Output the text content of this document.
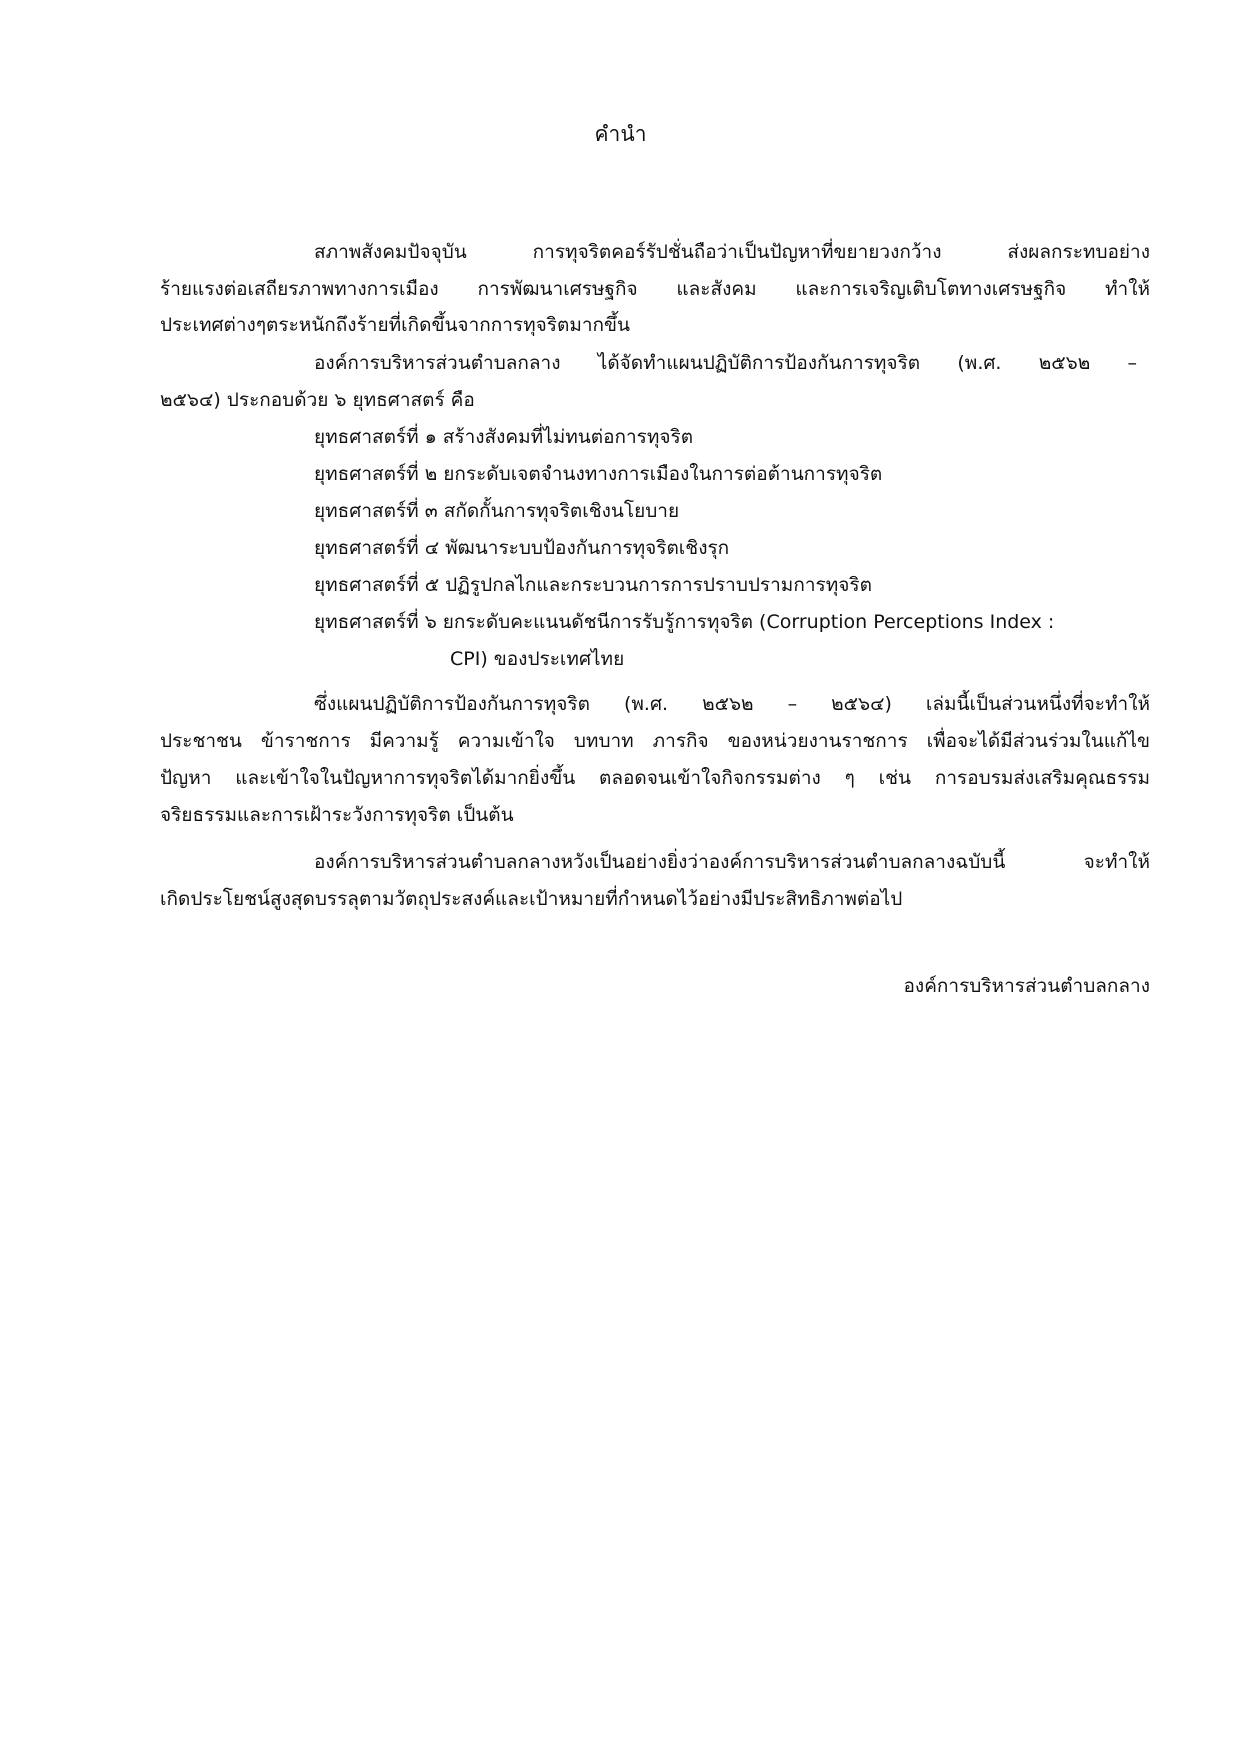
คำนำ
สภาพสังคมปัจจุบัน การทุจริตคอร์รัปชั่นถือว่าเป็นปัญหาที่ขยายวงกว้าง ส่งผลกระทบอย่าง
ร้ายแรงต่อเสถียรภาพทางการเมือง การพัฒนาเศรษฐกิจ และสังคม และการเจริญเติบโตทางเศรษฐกิจ ทำให้
ประเทศต่างๆตระหนักถึงร้ายที่เกิดขึ้นจากการทุจริตมากขึ้น
องค์การบริหารส่วนตำบลกลาง ได้จัดทำแผนปฏิบัติการป้องกันการทุจริต (พ.ศ. ๒๕๖๒ –
๒๕๖๔) ประกอบด้วย ๖ ยุทธศาสตร์ คือ
ยุทธศาสตร์ที่ ๑ สร้างสังคมที่ไม่ทนต่อการทุจริต
ยุทธศาสตร์ที่ ๒ ยกระดับเจตจำนงทางการเมืองในการต่อต้านการทุจริต
ยุทธศาสตร์ที่ ๓ สกัดกั้นการทุจริตเชิงนโยบาย
ยุทธศาสตร์ที่ ๔ พัฒนาระบบป้องกันการทุจริตเชิงรุก
ยุทธศาสตร์ที่ ๕ ปฏิรูปกลไกและกระบวนการการปราบปรามการทุจริต
ยุทธศาสตร์ที่ ๖ ยกระดับคะแนนดัชนีการรับรู้การทุจริต (Corruption Perceptions Index :
CPI) ของประเทศไทย
ซึ่งแผนปฏิบัติการป้องกันการทุจริต (พ.ศ. ๒๕๖๒ – ๒๕๖๔) เล่มนี้เป็นส่วนหนึ่งที่จะทำให้
ประชาชน ข้าราชการ มีความรู้ ความเข้าใจ บทบาท ภารกิจ ของหน่วยงานราชการ เพื่อจะได้มีส่วนร่วมในแก้ไข
ปัญหา และเข้าใจในปัญหาการทุจริตได้มากยิ่งขึ้น ตลอดจนเข้าใจกิจกรรมต่าง ๆ เช่น การอบรมส่งเสริมคุณธรรม
จริยธรรมและการเฝ้าระวังการทุจริต เป็นต้น
องค์การบริหารส่วนตำบลกลางหวังเป็นอย่างยิ่งว่าองค์การบริหารส่วนตำบลกลางฉบับนี้ จะทำให้
เกิดประโยชน์สูงสุดบรรลุตามวัตถุประสงค์และเป้าหมายที่กำหนดไว้อย่างมีประสิทธิภาพต่อไป
องค์การบริหารส่วนตำบลกลาง
